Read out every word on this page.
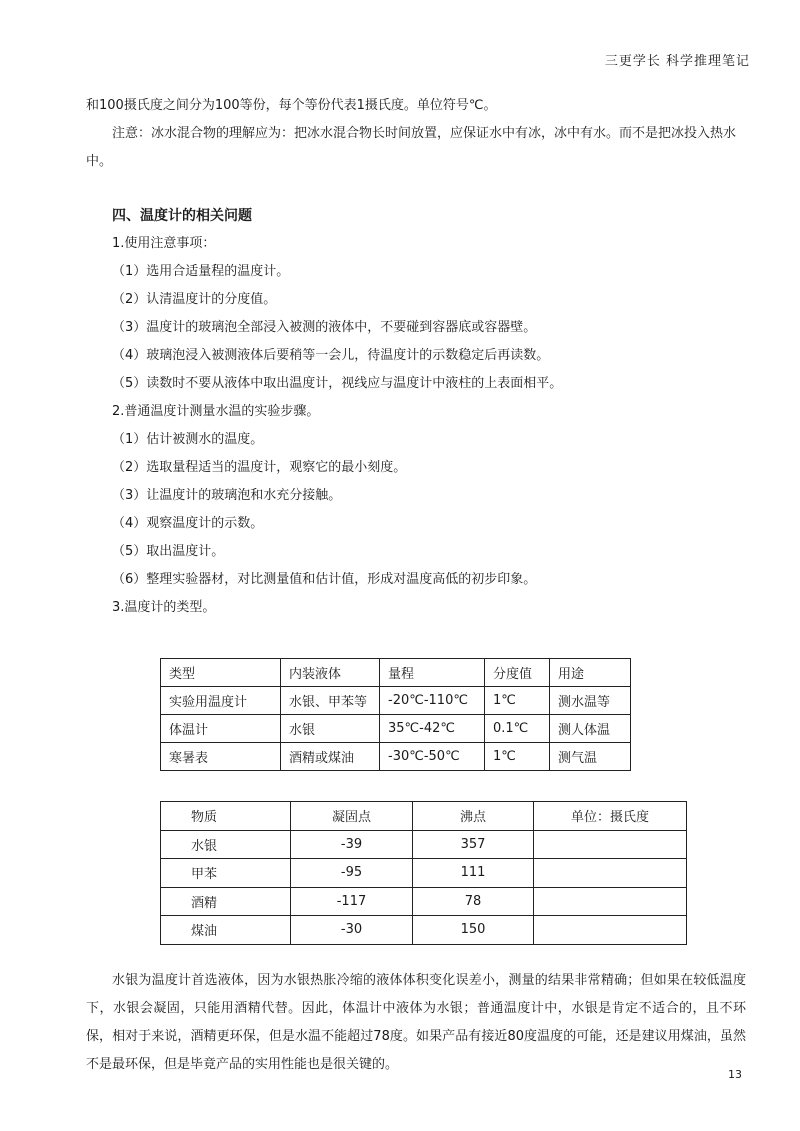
三更学长 科学推理笔记

和100摄氏度之间分为100等份，每个等份代表1摄氏度。单位符号℃。

注意：冰水混合物的理解应为：把冰水混合物长时间放置，应保证水中有冰，冰中有水。而不是把冰投入热水中。

四、温度计的相关问题

1.使用注意事项：

（1）选用合适量程的温度计。

（2）认清温度计的分度值。

（3）温度计的玻璃泡全部浸入被测的液体中，不要碰到容器底或容器壁。

（4）玻璃泡浸入被测液体后要稍等一会儿，待温度计的示数稳定后再读数。

（5）读数时不要从液体中取出温度计，视线应与温度计中液柱的上表面相平。

2.普通温度计测量水温的实验步骤。

（1）估计被测水的温度。

（2）选取量程适当的温度计，观察它的最小刻度。

（3）让温度计的玻璃泡和水充分接触。

（4）观察温度计的示数。

（5）取出温度计。

（6）整理实验器材，对比测量值和估计值，形成对温度高低的初步印象。

3.温度计的类型。

类型	内装液体	量程	分度值	用途
实验用温度计	水银、甲苯等	-20℃-110℃	1℃	测水温等
体温计	水银	35℃-42℃	0.1℃	测人体温
寒暑表	酒精或煤油	-30℃-50℃	1℃	测气温
物质	凝固点	沸点	单位：摄氏度
水银	-39	357	
甲苯	-95	111	
酒精	-117	78	
煤油	-30	150	

水银为温度计首选液体，因为水银热胀冷缩的液体体积变化误差小，测量的结果非常精确；但如果在较低温度下，水银会凝固，只能用酒精代替。因此，体温计中液体为水银；普通温度计中，水银是肯定不适合的，且不环保，相对于来说，酒精更环保，但是水温不能超过78度。如果产品有接近80度温度的可能，还是建议用煤油，虽然不是最环保，但是毕竟产品的实用性能也是很关键的。

13
